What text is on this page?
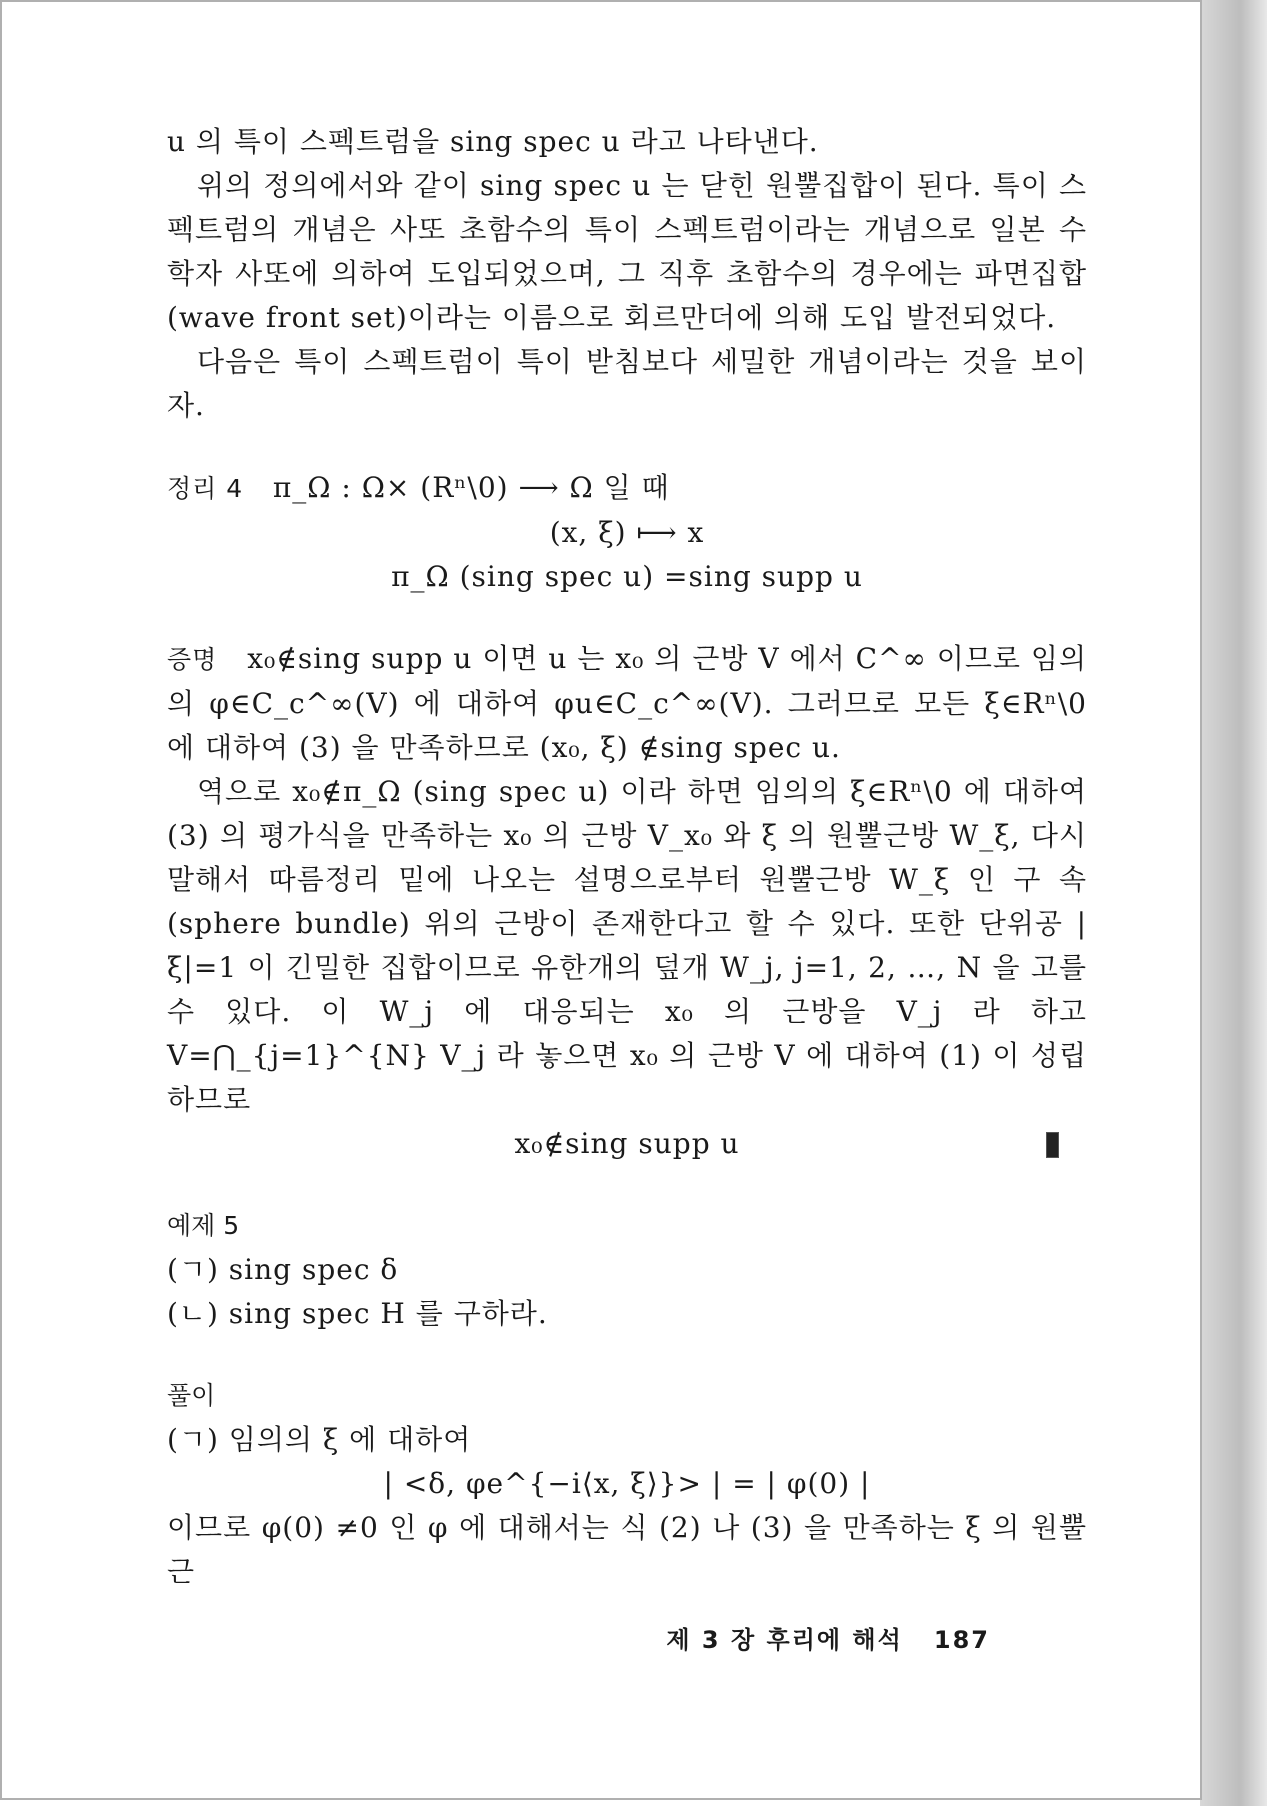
u 의 특이 스펙트럼을 sing spec u 라고 나타낸다.

위의 정의에서와 같이 sing spec u 는 닫힌 원뿔집합이 된다. 특이 스펙트럼의 개념은 사또 초함수의 특이 스펙트럼이라는 개념으로 일본 수학자 사또에 의하여 도입되었으며, 그 직후 초함수의 경우에는 파면집합(wave front set)이라는 이름으로 회르만더에 의해 도입 발전되었다.

다음은 특이 스펙트럼이 특이 받침보다 세밀한 개념이라는 것을 보이자.

정리 4 π_Ω : Ω× (Rⁿ\0) ⟶ Ω 일 때

(x, ξ) ⟼ x

π_Ω (sing spec u) =sing supp u

증명 x₀∉sing supp u 이면 u 는 x₀ 의 근방 V 에서 C^∞ 이므로 임의의 φ∈C_c^∞(V) 에 대하여 φu∈C_c^∞(V). 그러므로 모든 ξ∈Rⁿ\0 에 대하여 (3) 을 만족하므로 (x₀, ξ) ∉sing spec u.

역으로 x₀∉π_Ω (sing spec u) 이라 하면 임의의 ξ∈Rⁿ\0 에 대하여 (3) 의 평가식을 만족하는 x₀ 의 근방 V_x₀ 와 ξ 의 원뿔근방 W_ξ, 다시 말해서 따름정리 밑에 나오는 설명으로부터 원뿔근방 W_ξ 인 구 속(sphere bundle) 위의 근방이 존재한다고 할 수 있다. 또한 단위공 |ξ|=1 이 긴밀한 집합이므로 유한개의 덮개 W_j, j=1, 2, …, N 을 고를 수 있다. 이 W_j 에 대응되는 x₀ 의 근방을 V_j 라 하고 V=⋂_{j=1}^{N} V_j 라 놓으면 x₀ 의 근방 V 에 대하여 (1) 이 성립하므로

x₀∉sing supp u

예제 5

(ㄱ) sing spec δ

(ㄴ) sing spec H 를 구하라.

풀이

(ㄱ) 임의의 ξ 에 대하여

| <δ, φe^{−i⟨x, ξ⟩}> | = | φ(0) |

이므로 φ(0) ≠0 인 φ 에 대해서는 식 (2) 나 (3) 을 만족하는 ξ 의 원뿔근

제 3 장 후리에 해석 187
